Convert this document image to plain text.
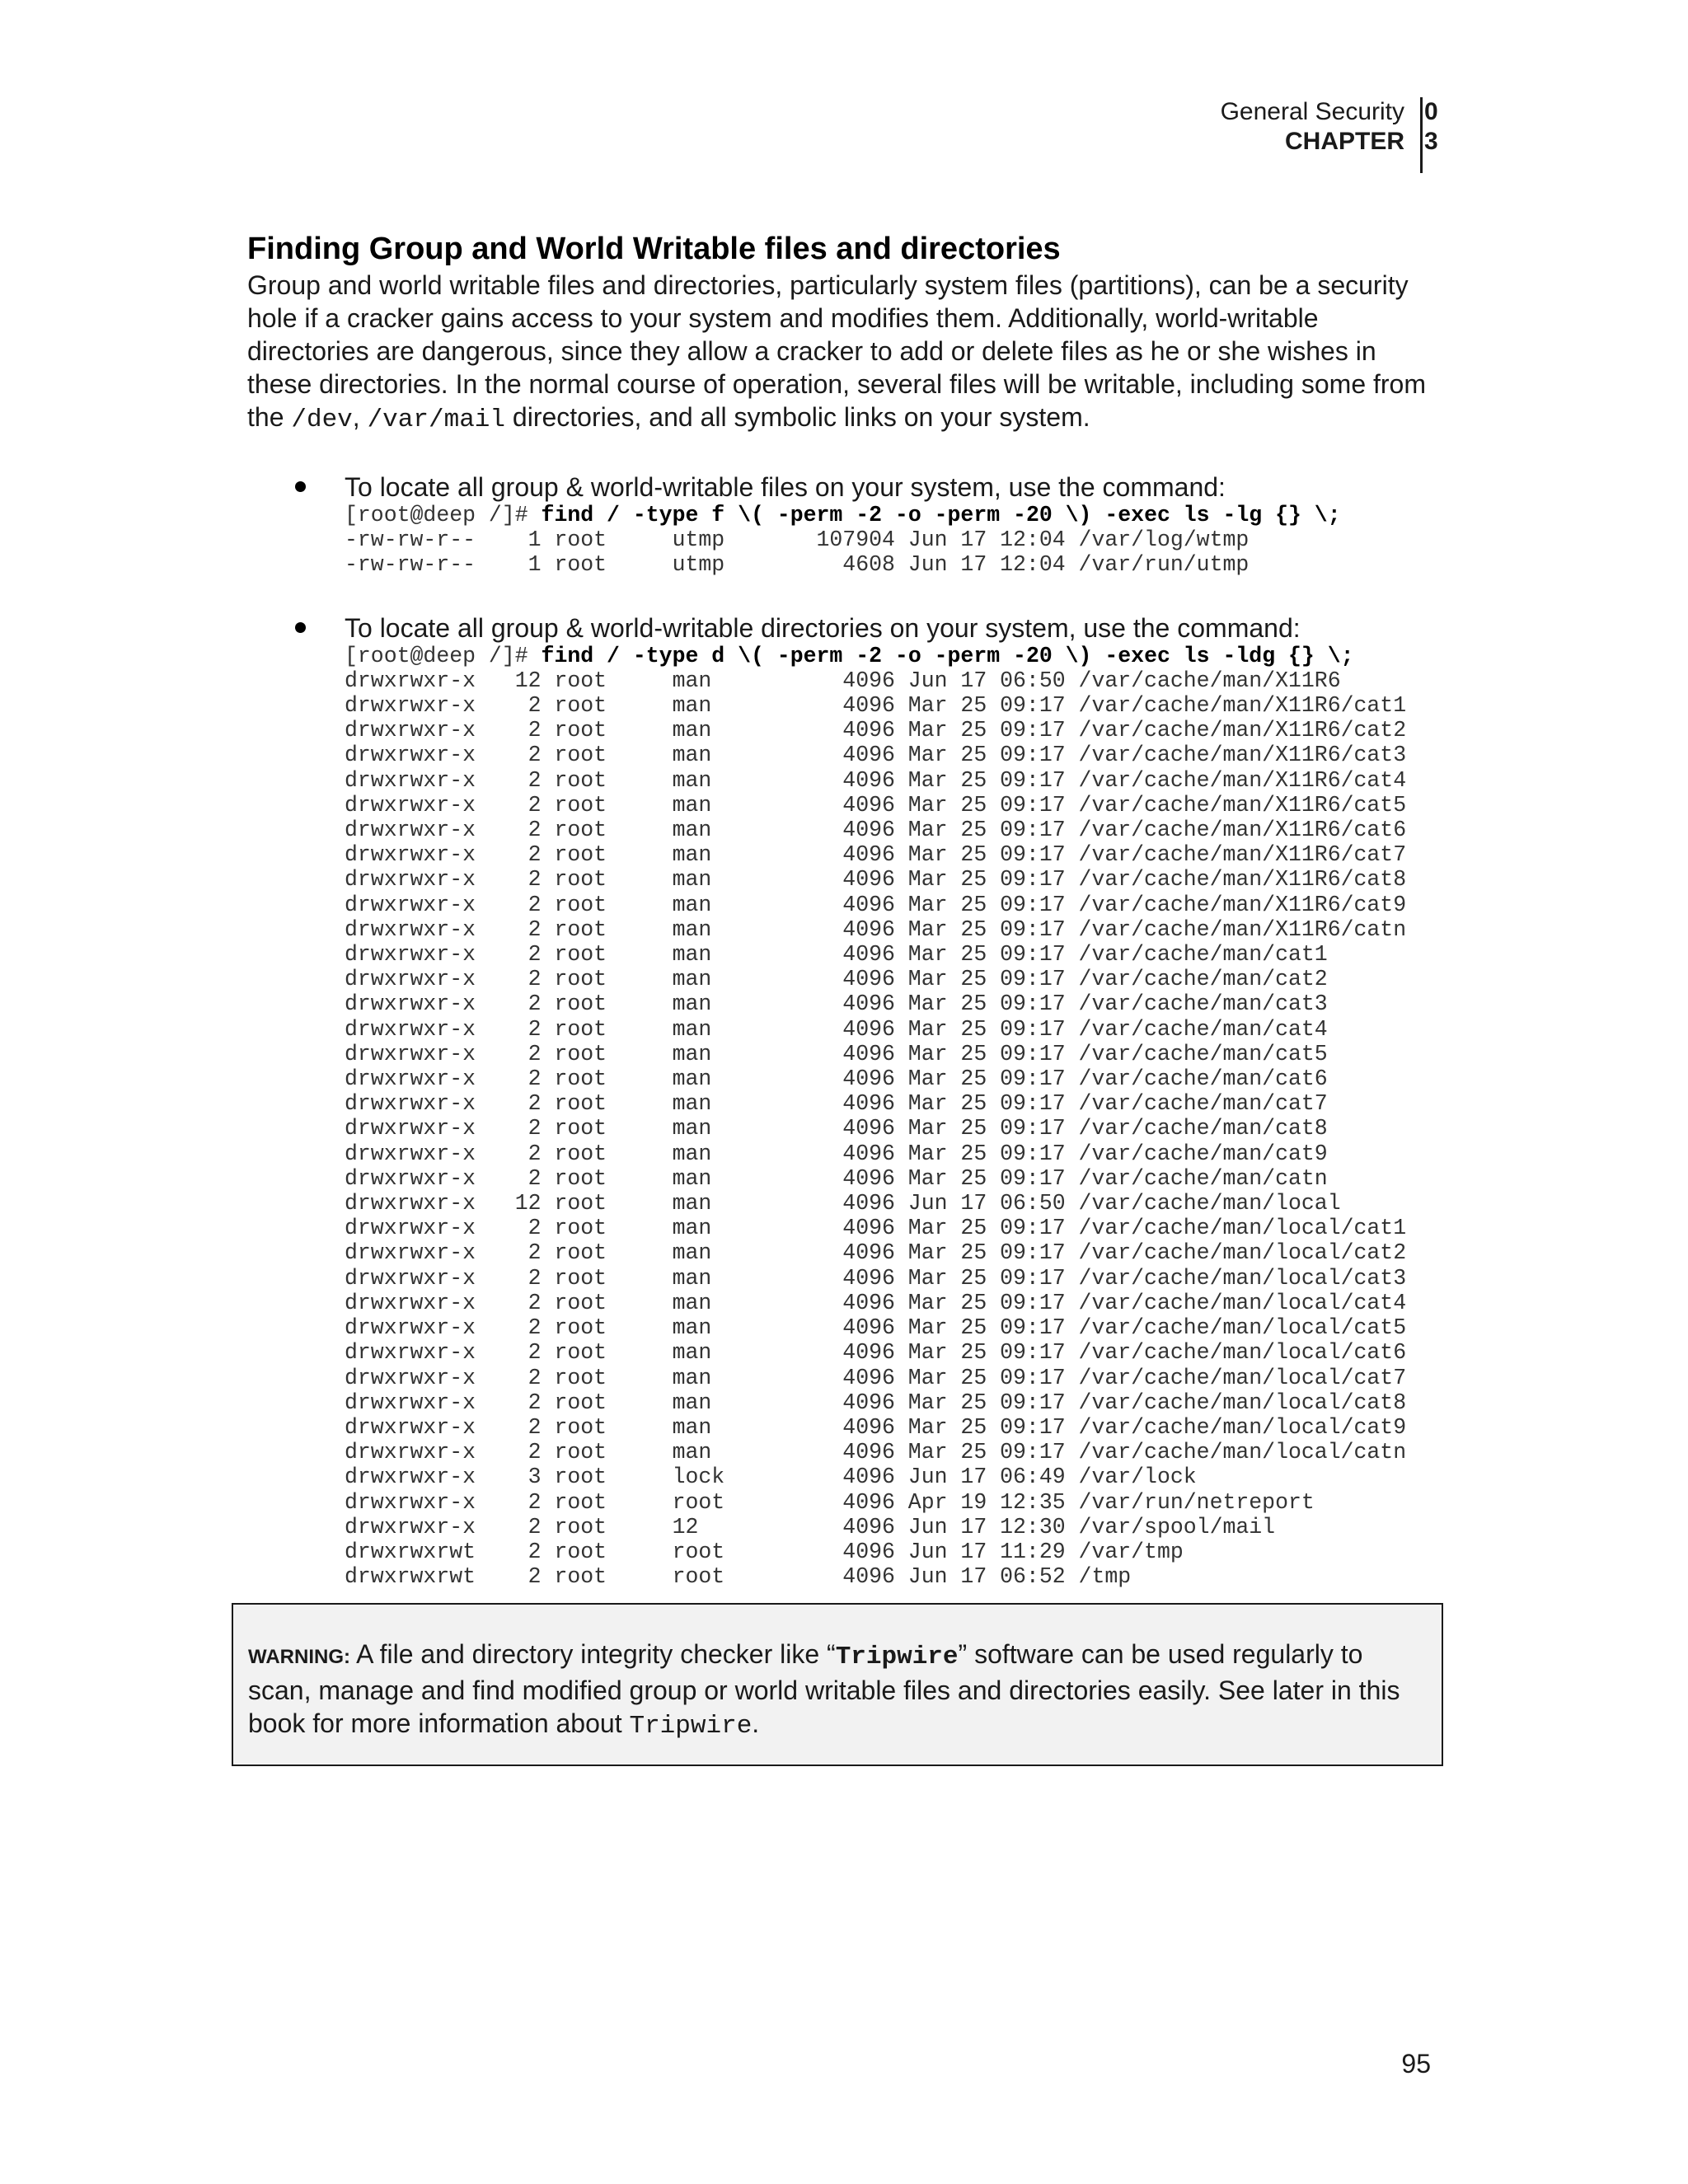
General Security
CHAPTER
0
3
Finding Group and World Writable files and directories

Group and world writable files and directories, particularly system files (partitions), can be a security hole if a cracker gains access to your system and modifies them. Additionally, world-writable directories are dangerous, since they allow a cracker to add or delete files as he or she wishes in these directories. In the normal course of operation, several files will be writable, including some from the /dev, /var/mail directories, and all symbolic links on your system.

To locate all group & world-writable files on your system, use the command:
[root@deep /]# find / -type f \( -perm -2 -o -perm -20 \) -exec ls -lg {} \;
-rw-rw-r--    1 root     utmp       107904 Jun 17 12:04 /var/log/wtmp
-rw-rw-r--    1 root     utmp         4608 Jun 17 12:04 /var/run/utmp
To locate all group & world-writable directories on your system, use the command:
[root@deep /]# find / -type d \( -perm -2 -o -perm -20 \) -exec ls -ldg {} \;
drwxrwxr-x   12 root     man          4096 Jun 17 06:50 /var/cache/man/X11R6
drwxrwxr-x    2 root     man          4096 Mar 25 09:17 /var/cache/man/X11R6/cat1
drwxrwxr-x    2 root     man          4096 Mar 25 09:17 /var/cache/man/X11R6/cat2
drwxrwxr-x    2 root     man          4096 Mar 25 09:17 /var/cache/man/X11R6/cat3
drwxrwxr-x    2 root     man          4096 Mar 25 09:17 /var/cache/man/X11R6/cat4
drwxrwxr-x    2 root     man          4096 Mar 25 09:17 /var/cache/man/X11R6/cat5
drwxrwxr-x    2 root     man          4096 Mar 25 09:17 /var/cache/man/X11R6/cat6
drwxrwxr-x    2 root     man          4096 Mar 25 09:17 /var/cache/man/X11R6/cat7
drwxrwxr-x    2 root     man          4096 Mar 25 09:17 /var/cache/man/X11R6/cat8
drwxrwxr-x    2 root     man          4096 Mar 25 09:17 /var/cache/man/X11R6/cat9
drwxrwxr-x    2 root     man          4096 Mar 25 09:17 /var/cache/man/X11R6/catn
drwxrwxr-x    2 root     man          4096 Mar 25 09:17 /var/cache/man/cat1
drwxrwxr-x    2 root     man          4096 Mar 25 09:17 /var/cache/man/cat2
drwxrwxr-x    2 root     man          4096 Mar 25 09:17 /var/cache/man/cat3
drwxrwxr-x    2 root     man          4096 Mar 25 09:17 /var/cache/man/cat4
drwxrwxr-x    2 root     man          4096 Mar 25 09:17 /var/cache/man/cat5
drwxrwxr-x    2 root     man          4096 Mar 25 09:17 /var/cache/man/cat6
drwxrwxr-x    2 root     man          4096 Mar 25 09:17 /var/cache/man/cat7
drwxrwxr-x    2 root     man          4096 Mar 25 09:17 /var/cache/man/cat8
drwxrwxr-x    2 root     man          4096 Mar 25 09:17 /var/cache/man/cat9
drwxrwxr-x    2 root     man          4096 Mar 25 09:17 /var/cache/man/catn
drwxrwxr-x   12 root     man          4096 Jun 17 06:50 /var/cache/man/local
drwxrwxr-x    2 root     man          4096 Mar 25 09:17 /var/cache/man/local/cat1
drwxrwxr-x    2 root     man          4096 Mar 25 09:17 /var/cache/man/local/cat2
drwxrwxr-x    2 root     man          4096 Mar 25 09:17 /var/cache/man/local/cat3
drwxrwxr-x    2 root     man          4096 Mar 25 09:17 /var/cache/man/local/cat4
drwxrwxr-x    2 root     man          4096 Mar 25 09:17 /var/cache/man/local/cat5
drwxrwxr-x    2 root     man          4096 Mar 25 09:17 /var/cache/man/local/cat6
drwxrwxr-x    2 root     man          4096 Mar 25 09:17 /var/cache/man/local/cat7
drwxrwxr-x    2 root     man          4096 Mar 25 09:17 /var/cache/man/local/cat8
drwxrwxr-x    2 root     man          4096 Mar 25 09:17 /var/cache/man/local/cat9
drwxrwxr-x    2 root     man          4096 Mar 25 09:17 /var/cache/man/local/catn
drwxrwxr-x    3 root     lock         4096 Jun 17 06:49 /var/lock
drwxrwxr-x    2 root     root         4096 Apr 19 12:35 /var/run/netreport
drwxrwxr-x    2 root     12           4096 Jun 17 12:30 /var/spool/mail
drwxrwxrwt    2 root     root         4096 Jun 17 11:29 /var/tmp
drwxrwxrwt    2 root     root         4096 Jun 17 06:52 /tmp
WARNING: A file and directory integrity checker like “Tripwire” software can be used regularly to scan, manage and find modified group or world writable files and directories easily. See later in this book for more information about Tripwire.
95
